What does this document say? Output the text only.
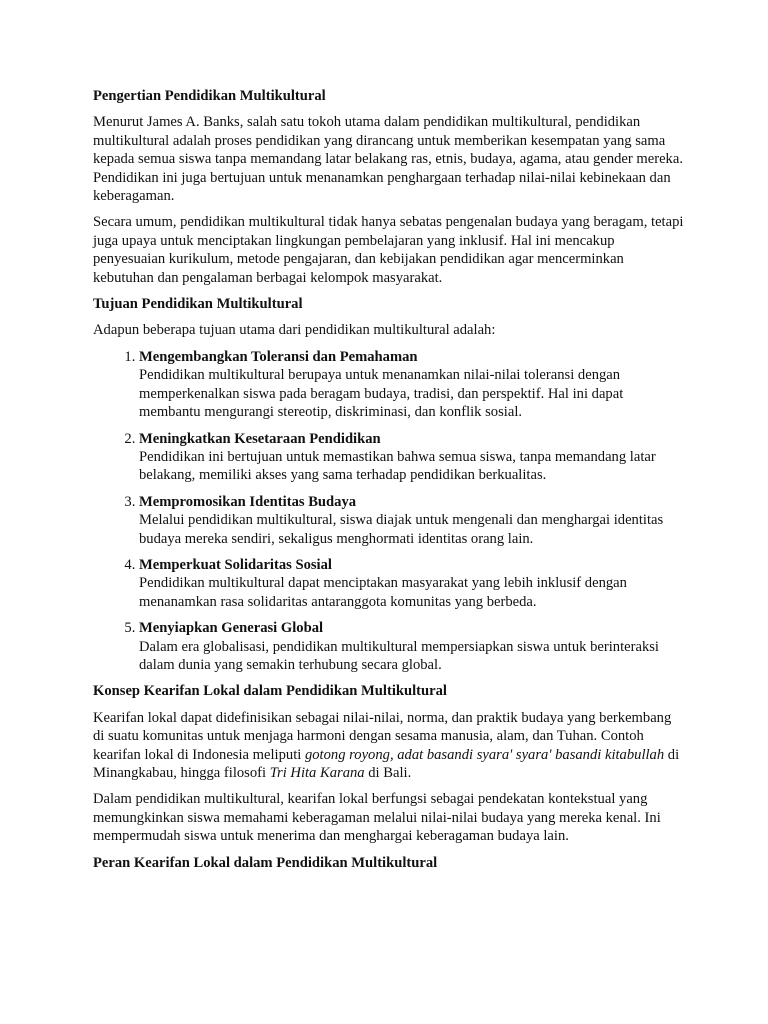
Pengertian Pendidikan Multikultural

Menurut James A. Banks, salah satu tokoh utama dalam pendidikan multikultural, pendidikan multikultural adalah proses pendidikan yang dirancang untuk memberikan kesempatan yang sama kepada semua siswa tanpa memandang latar belakang ras, etnis, budaya, agama, atau gender mereka. Pendidikan ini juga bertujuan untuk menanamkan penghargaan terhadap nilai-nilai kebinekaan dan keberagaman.

Secara umum, pendidikan multikultural tidak hanya sebatas pengenalan budaya yang beragam, tetapi juga upaya untuk menciptakan lingkungan pembelajaran yang inklusif. Hal ini mencakup penyesuaian kurikulum, metode pengajaran, dan kebijakan pendidikan agar mencerminkan kebutuhan dan pengalaman berbagai kelompok masyarakat.

Tujuan Pendidikan Multikultural

Adapun beberapa tujuan utama dari pendidikan multikultural adalah:

1. Mengembangkan Toleransi dan Pemahaman
Pendidikan multikultural berupaya untuk menanamkan nilai-nilai toleransi dengan memperkenalkan siswa pada beragam budaya, tradisi, dan perspektif. Hal ini dapat membantu mengurangi stereotip, diskriminasi, dan konflik sosial.
2. Meningkatkan Kesetaraan Pendidikan
Pendidikan ini bertujuan untuk memastikan bahwa semua siswa, tanpa memandang latar belakang, memiliki akses yang sama terhadap pendidikan berkualitas.
3. Mempromosikan Identitas Budaya
Melalui pendidikan multikultural, siswa diajak untuk mengenali dan menghargai identitas budaya mereka sendiri, sekaligus menghormati identitas orang lain.
4. Memperkuat Solidaritas Sosial
Pendidikan multikultural dapat menciptakan masyarakat yang lebih inklusif dengan menanamkan rasa solidaritas antaranggota komunitas yang berbeda.
5. Menyiapkan Generasi Global
Dalam era globalisasi, pendidikan multikultural mempersiapkan siswa untuk berinteraksi dalam dunia yang semakin terhubung secara global.
Konsep Kearifan Lokal dalam Pendidikan Multikultural

Kearifan lokal dapat didefinisikan sebagai nilai-nilai, norma, dan praktik budaya yang berkembang di suatu komunitas untuk menjaga harmoni dengan sesama manusia, alam, dan Tuhan. Contoh kearifan lokal di Indonesia meliputi gotong royong, adat basandi syara' syara' basandi kitabullah di Minangkabau, hingga filosofi Tri Hita Karana di Bali.

Dalam pendidikan multikultural, kearifan lokal berfungsi sebagai pendekatan kontekstual yang memungkinkan siswa memahami keberagaman melalui nilai-nilai budaya yang mereka kenal. Ini mempermudah siswa untuk menerima dan menghargai keberagaman budaya lain.

Peran Kearifan Lokal dalam Pendidikan Multikultural
